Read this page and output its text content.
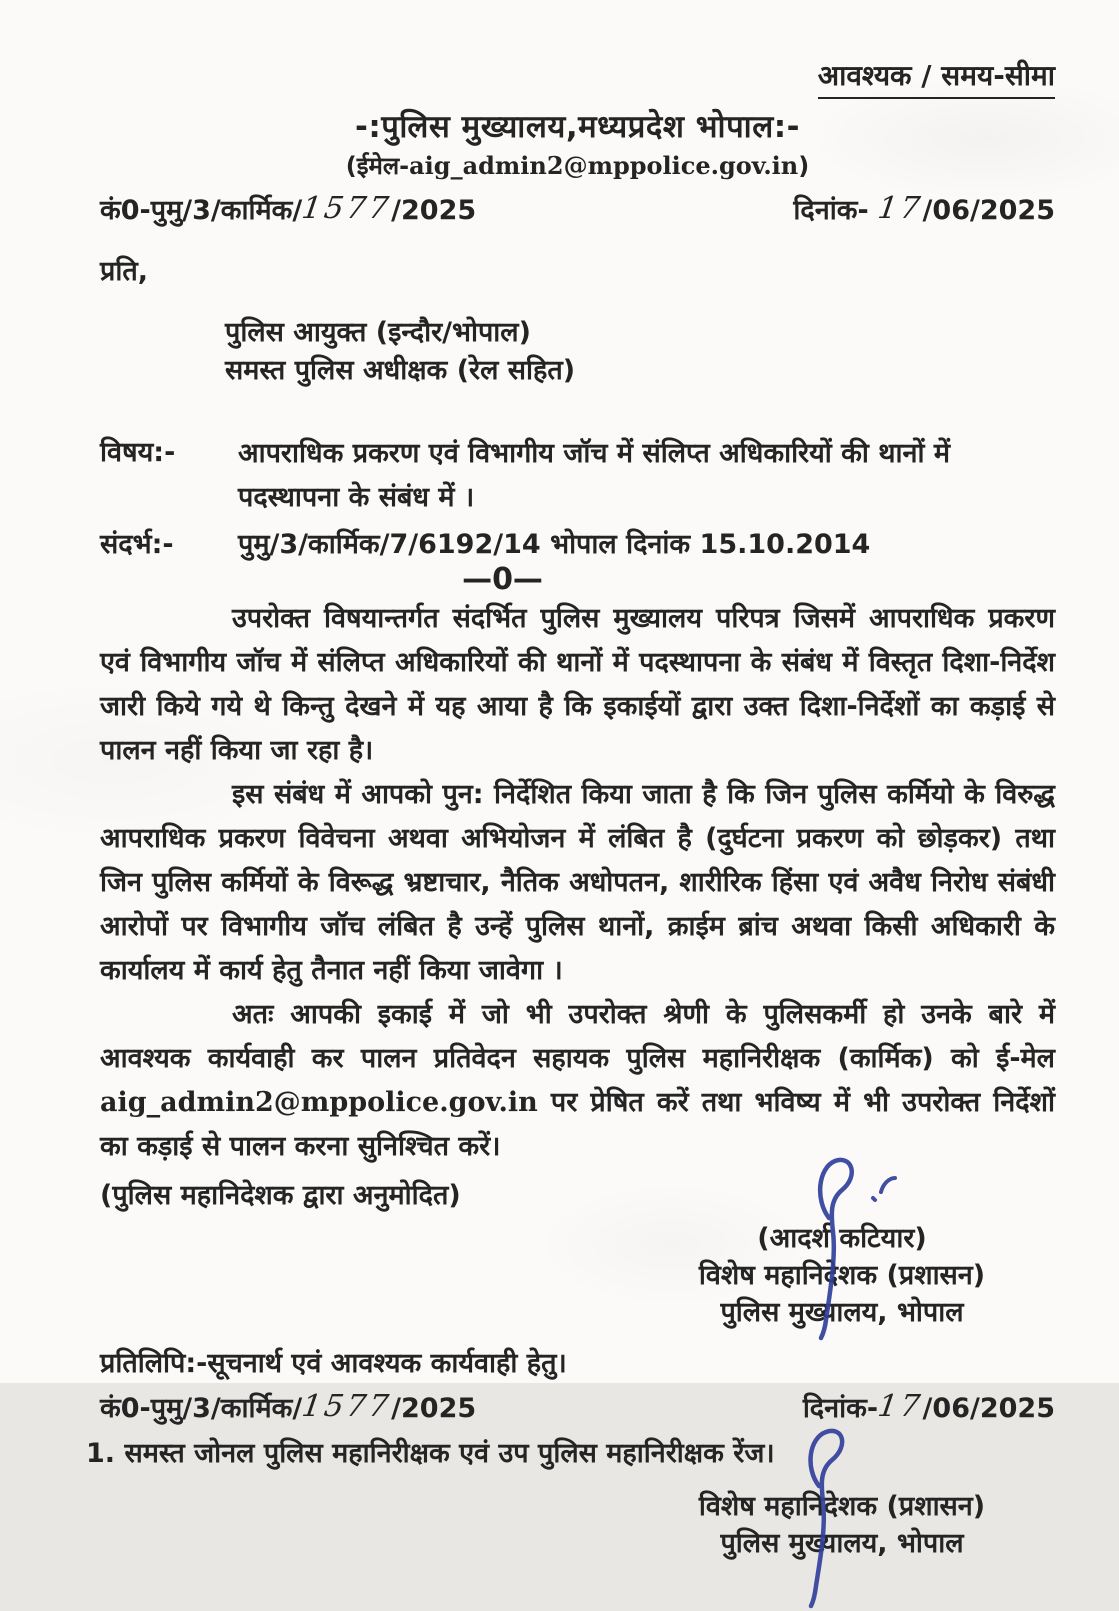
आवश्यक / समय-सीमा
-:पुलिस मुख्यालय,मध्यप्रदेश भोपाल:-
(ईमेल-aig_admin2@mppolice.gov.in)
कं0-पुमु/3/कार्मिक/1577/2025	दिनांक- 17/06/2025
प्रति,
पुलिस आयुक्त (इन्दौर/भोपाल)
समस्त पुलिस अधीक्षक (रेल सहित)
विषय:-	आपराधिक प्रकरण एवं विभागीय जॉच में संलिप्त अधिकारियों की थानों में
पदस्थापना के संबंध में ।
संदर्भ:-	पुमु/3/कार्मिक/7/6192/14 भोपाल दिनांक 15.10.2014
—0—

उपरोक्त विषयान्तर्गत संदर्भित पुलिस मुख्यालय परिपत्र जिसमें आपराधिक प्रकरण एवं विभागीय जॉच में संलिप्त अधिकारियों की थानों में पदस्थापना के संबंध में विस्तृत दिशा-निर्देश जारी किये गये थे किन्तु देखने में यह आया है कि इकाईयों द्वारा उक्त दिशा-निर्देशों का कड़ाई से पालन नहीं किया जा रहा है।

इस संबंध में आपको पुन: निर्देशित किया जाता है कि जिन पुलिस कर्मियो के विरुद्ध आपराधिक प्रकरण विवेचना अथवा अभियोजन में लंबित है (दुर्घटना प्रकरण को छोड़कर) तथा जिन पुलिस कर्मियों के विरूद्ध भ्रष्टाचार, नैतिक अधोपतन, शारीरिक हिंसा एवं अवैध निरोध संबंधी आरोपों पर विभागीय जॉच लंबित है उन्हें पुलिस थानों, क्राईम ब्रांच अथवा किसी अधिकारी के कार्यालय में कार्य हेतु तैनात नहीं किया जावेगा ।

अतः आपकी इकाई में जो भी उपरोक्त श्रेणी के पुलिसकर्मी हो उनके बारे में आवश्यक कार्यवाही कर पालन प्रतिवेदन सहायक पुलिस महानिरीक्षक (कार्मिक) को ई-मेल aig_admin2@mppolice.gov.in पर प्रेषित करें तथा भविष्य में भी उपरोक्त निर्देशों का कड़ाई से पालन करना सुनिश्चित करें।

(पुलिस महानिदेशक द्वारा अनुमोदित)
(आदर्श कटियार)
विशेष महानिदेशक (प्रशासन)
पुलिस मुख्यालय, भोपाल
प्रतिलिपि:-सूचनार्थ एवं आवश्यक कार्यवाही हेतु।
कं0-पुमु/3/कार्मिक/1577/2025	दिनांक-17/06/2025
1. समस्त जोनल पुलिस महानिरीक्षक एवं उप पुलिस महानिरीक्षक रेंज।
विशेष महानिदेशक (प्रशासन)
पुलिस मुख्यालय, भोपाल
